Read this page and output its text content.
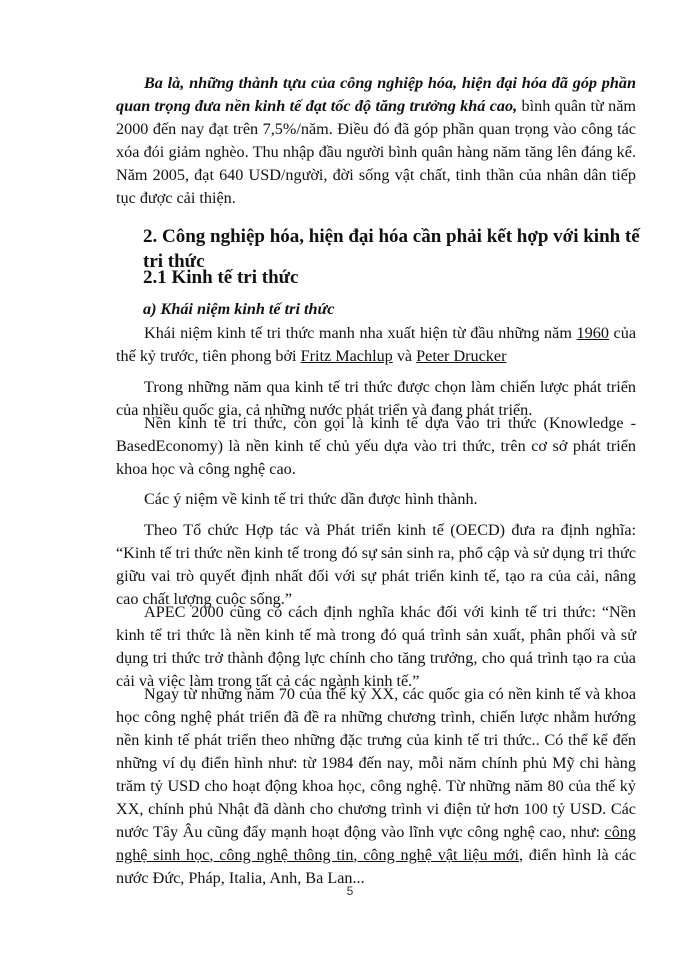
Ba là, những thành tựu của công nghiệp hóa, hiện đại hóa đã góp phần quan trọng đưa nền kinh tế đạt tốc độ tăng trưởng khá cao, bình quân từ năm 2000 đến nay đạt trên 7,5%/năm. Điều đó đã góp phần quan trọng vào công tác xóa đói giảm nghèo. Thu nhập đầu người bình quân hàng năm tăng lên đáng kể. Năm 2005, đạt 640 USD/người, đời sống vật chất, tinh thần của nhân dân tiếp tục được cải thiện.

2. Công nghiệp hóa, hiện đại hóa cần phải kết hợp với kinh tế tri thức

2.1 Kinh tế tri thức

a) Khái niệm kinh tế tri thức

Khái niệm kinh tế tri thức manh nha xuất hiện từ đầu những năm 1960 của thế kỷ trước, tiên phong bởi Fritz Machlup và Peter Drucker

Trong những năm qua kinh tế tri thức được chọn làm chiến lược phát triển của nhiều quốc gia, cả những nước phát triển và đang phát triển.

Nền kinh tế tri thức, còn gọi là kinh tế dựa vào tri thức (Knowledge - BasedEconomy) là nền kinh tế chủ yếu dựa vào tri thức, trên cơ sở phát triển khoa học và công nghệ cao.

Các ý niệm về kinh tế tri thức dần được hình thành.

Theo Tổ chức Hợp tác và Phát triển kinh tế (OECD) đưa ra định nghĩa: “Kinh tế tri thức nền kinh tế trong đó sự sản sinh ra, phổ cập và sử dụng tri thức giữu vai trò quyết định nhất đối với sự phát triển kinh tế, tạo ra của cải, nâng cao chất lượng cuộc sống.”

APEC 2000 cũng có cách định nghĩa khác đối với kinh tế tri thức: “Nền kinh tế tri thức là nền kinh tế mà trong đó quá trình sản xuất, phân phối và sử dụng tri thức trở thành động lực chính cho tăng trưởng, cho quá trình tạo ra của cải và việc làm trong tất cả các ngành kinh tế.”

Ngay từ những năm 70 của thế kỷ XX, các quốc gia có nền kinh tế và khoa học công nghệ phát triển đã đề ra những chương trình, chiến lược nhằm hướng nền kinh tế phát triển theo những đặc trưng của kinh tế tri thức.. Có thể kể đến những ví dụ điển hình như: từ 1984 đến nay, mỗi năm chính phủ Mỹ chi hàng trăm tỷ USD cho hoạt động khoa học, công nghệ. Từ những năm 80 của thế kỷ XX, chính phủ Nhật đã dành cho chương trình vi điện tử hơn 100 tỷ USD. Các nước Tây Âu cũng đẩy mạnh hoạt động vào lĩnh vực công nghệ cao, như: công nghệ sinh học, công nghệ thông tin, công nghệ vật liệu mới, điển hình là các nước Đức, Pháp, Italia, Anh, Ba Lan...

5
